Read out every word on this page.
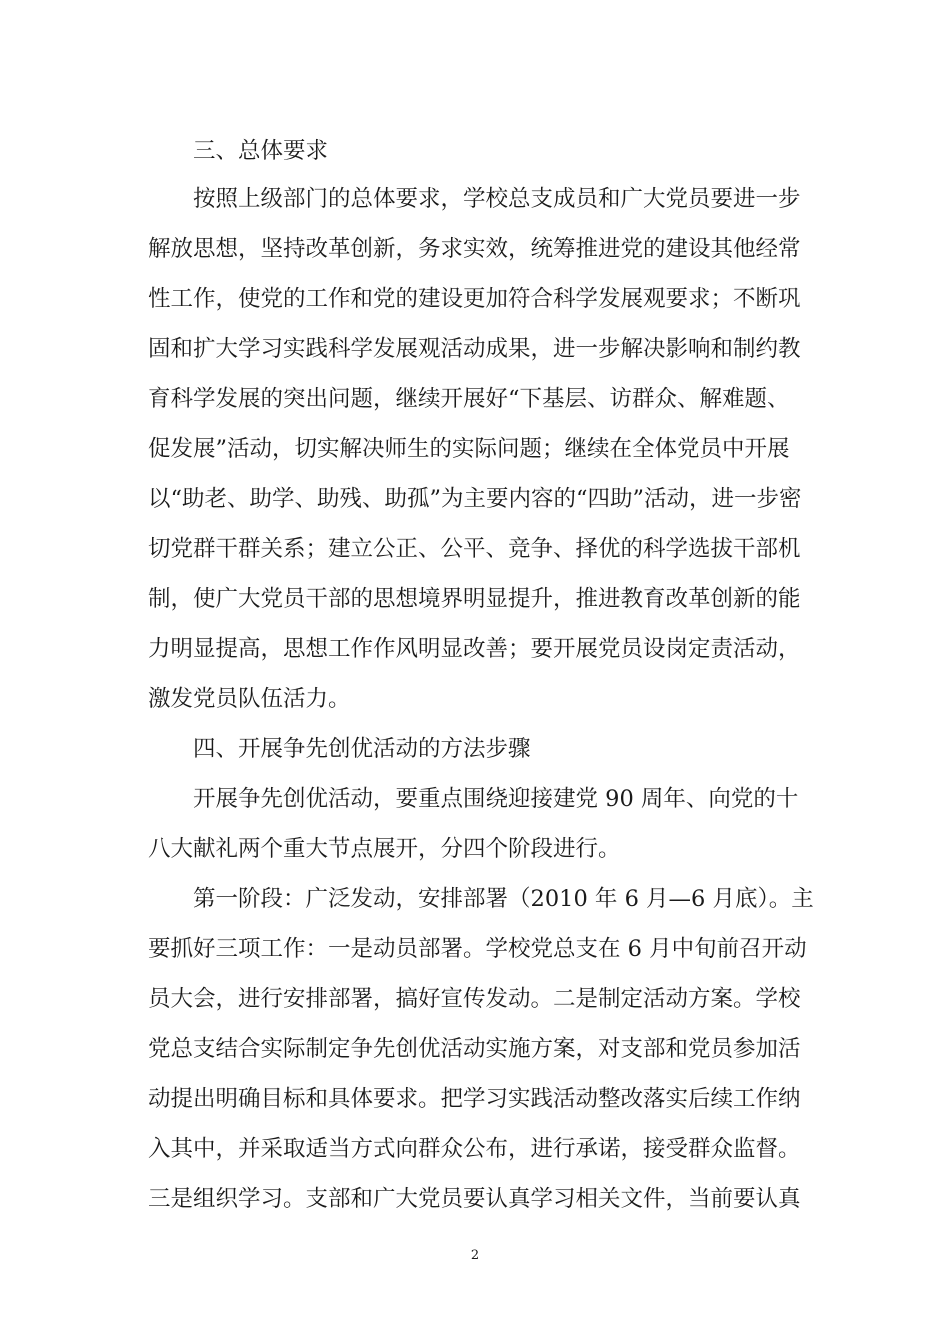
　　三、总体要求
　　按照上级部门的总体要求，学校总支成员和广大党员要进一步
解放思想，坚持改革创新，务求实效，统筹推进党的建设其他经常
性工作，使党的工作和党的建设更加符合科学发展观要求；不断巩
固和扩大学习实践科学发展观活动成果，进一步解决影响和制约教
育科学发展的突出问题，继续开展好“下基层、访群众、解难题、
促发展”活动，切实解决师生的实际问题；继续在全体党员中开展
以“助老、助学、助残、助孤”为主要内容的“四助”活动，进一步密
切党群干群关系；建立公正、公平、竞争、择优的科学选拔干部机
制，使广大党员干部的思想境界明显提升，推进教育改革创新的能
力明显提高，思想工作作风明显改善；要开展党员设岗定责活动，
激发党员队伍活力。
　　四、开展争先创优活动的方法步骤
　　开展争先创优活动，要重点围绕迎接建党 90 周年、向党的十
八大献礼两个重大节点展开，分四个阶段进行。
　　第一阶段：广泛发动，安排部署（2010 年 6 月—6 月底）。主
要抓好三项工作：一是动员部署。学校党总支在 6 月中旬前召开动
员大会，进行安排部署，搞好宣传发动。二是制定活动方案。学校
党总支结合实际制定争先创优活动实施方案，对支部和党员参加活
动提出明确目标和具体要求。把学习实践活动整改落实后续工作纳
入其中，并采取适当方式向群众公布，进行承诺，接受群众监督。
三是组织学习。支部和广大党员要认真学习相关文件，当前要认真
2
